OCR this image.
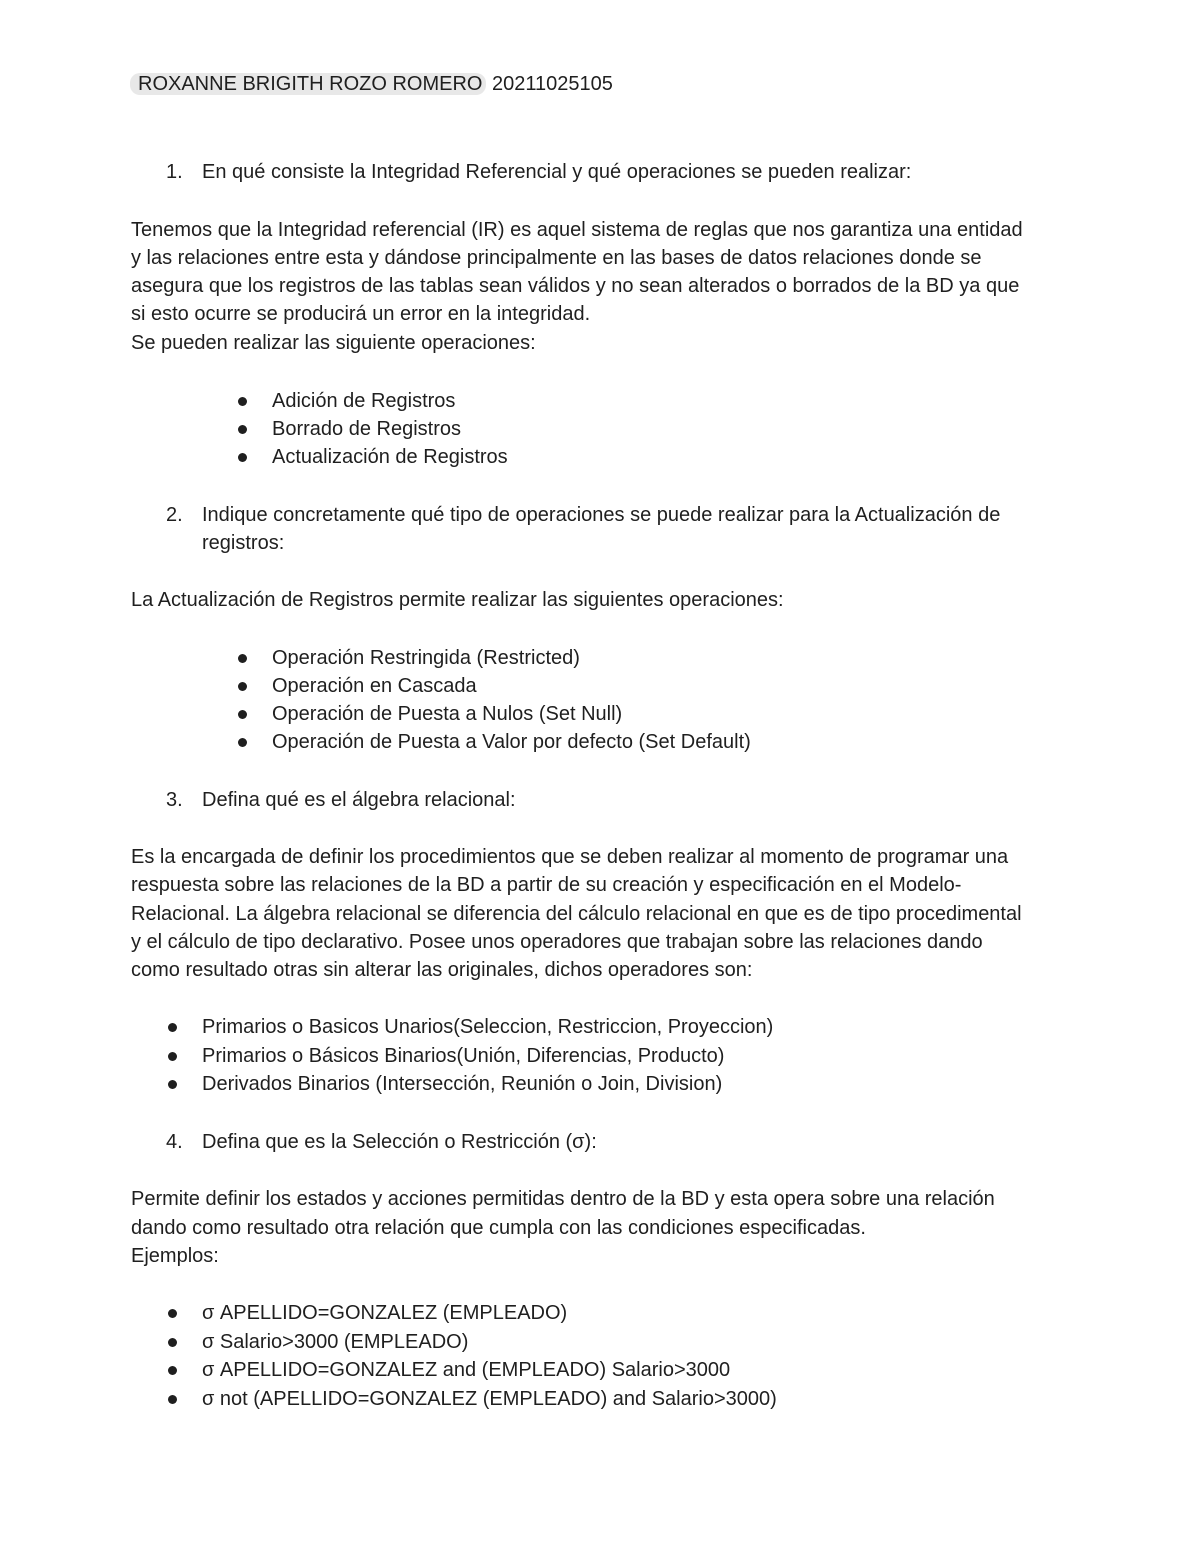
ROXANNE BRIGITH ROZO ROMERO 20211025105
1. En qué consiste la Integridad Referencial y qué operaciones se pueden realizar:
Tenemos que la Integridad referencial (IR) es aquel sistema de reglas que nos garantiza una entidad
y las relaciones entre esta y dándose principalmente en las bases de datos relaciones donde se
asegura que los registros de las tablas sean válidos y no sean alterados o borrados de la BD ya que
si esto ocurre se producirá un error en la integridad.
Se pueden realizar las siguiente operaciones:
Adición de Registros
Borrado de Registros
Actualización de Registros
2. Indique concretamente qué tipo de operaciones se puede realizar para la Actualización de
registros:
La Actualización de Registros permite realizar las siguientes operaciones:
Operación Restringida (Restricted)
Operación en Cascada
Operación de Puesta a Nulos (Set Null)
Operación de Puesta a Valor por defecto (Set Default)
3. Defina qué es el álgebra relacional:
Es la encargada de definir los procedimientos que se deben realizar al momento de programar una
respuesta sobre las relaciones de la BD a partir de su creación y especificación en el Modelo-
Relacional. La álgebra relacional se diferencia del cálculo relacional en que es de tipo procedimental
y el cálculo de tipo declarativo. Posee unos operadores que trabajan sobre las relaciones dando
como resultado otras sin alterar las originales, dichos operadores son:
Primarios o Basicos Unarios(Seleccion, Restriccion, Proyeccion)
Primarios o Básicos Binarios(Unión, Diferencias, Producto)
Derivados Binarios (Intersección, Reunión o Join, Division)
4. Defina que es la Selección o Restricción (σ):
Permite definir los estados y acciones permitidas dentro de la BD y esta opera sobre una relación
dando como resultado otra relación que cumpla con las condiciones especificadas.
Ejemplos:
σ APELLIDO=GONZALEZ (EMPLEADO)
σ Salario>3000 (EMPLEADO)
σ APELLIDO=GONZALEZ and (EMPLEADO) Salario>3000
σ not (APELLIDO=GONZALEZ (EMPLEADO) and Salario>3000)
